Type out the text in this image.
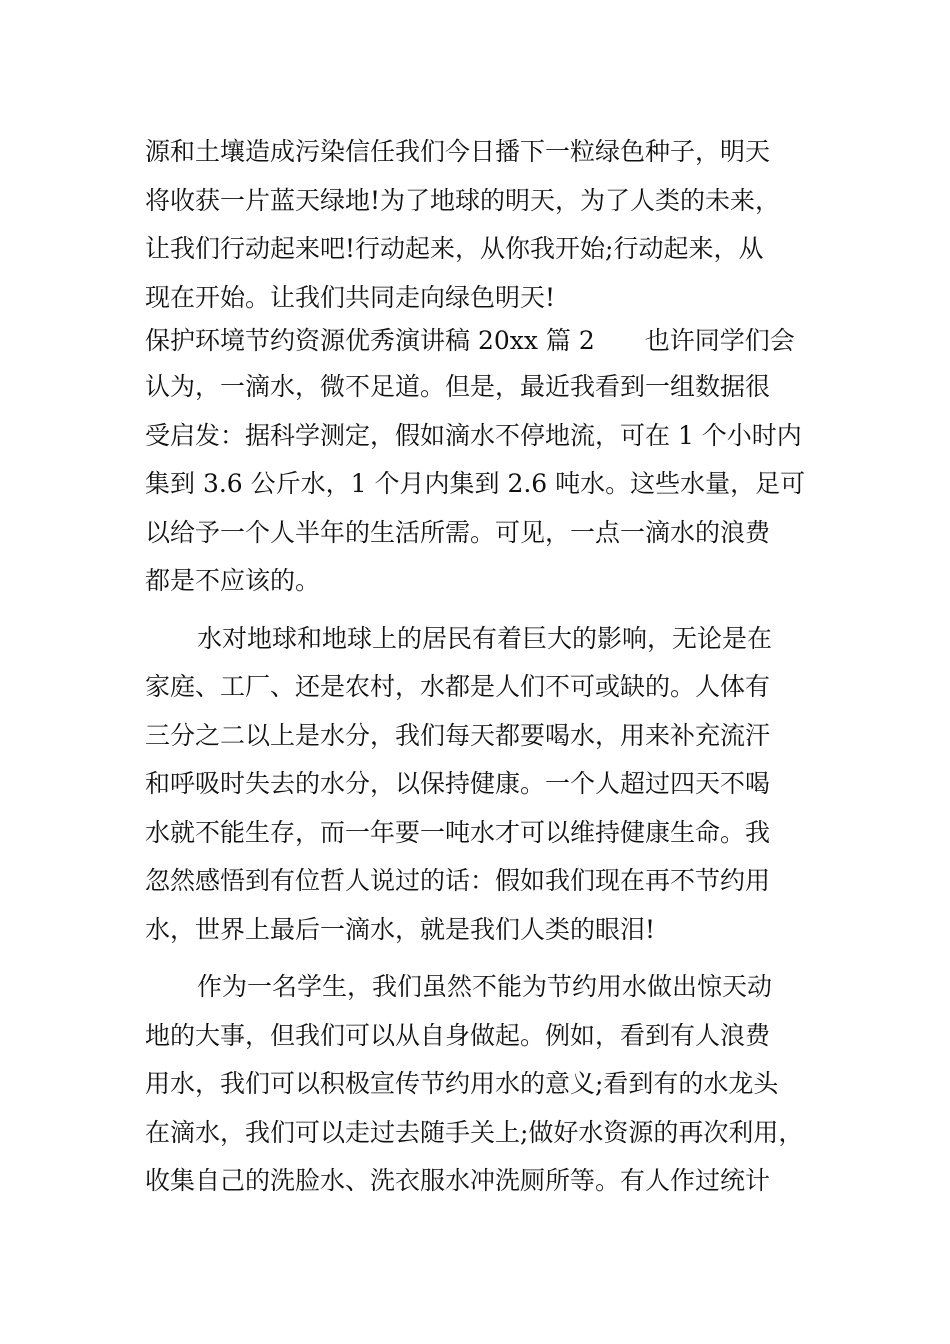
源和土壤造成污染信任我们今日播下一粒绿色种子，明天
将收获一片蓝天绿地!为了地球的明天，为了人类的未来，
让我们行动起来吧!行动起来，从你我开始;行动起来，从
现在开始。让我们共同走向绿色明天!
保护环境节约资源优秀演讲稿 20xx 篇 2 也许同学们会
认为，一滴水，微不足道。但是，最近我看到一组数据很
受启发：据科学测定，假如滴水不停地流，可在 1 个小时内
集到 3.6 公斤水，1 个月内集到 2.6 吨水。这些水量，足可
以给予一个人半年的生活所需。可见，一点一滴水的浪费
都是不应该的。
水对地球和地球上的居民有着巨大的影响，无论是在
家庭、工厂、还是农村，水都是人们不可或缺的。人体有
三分之二以上是水分，我们每天都要喝水，用来补充流汗
和呼吸时失去的水分，以保持健康。一个人超过四天不喝
水就不能生存，而一年要一吨水才可以维持健康生命。我
忽然感悟到有位哲人说过的话：假如我们现在再不节约用
水，世界上最后一滴水，就是我们人类的眼泪!
作为一名学生，我们虽然不能为节约用水做出惊天动
地的大事，但我们可以从自身做起。例如，看到有人浪费
用水，我们可以积极宣传节约用水的意义;看到有的水龙头
在滴水，我们可以走过去随手关上;做好水资源的再次利用，
收集自己的洗脸水、洗衣服水冲洗厕所等。有人作过统计
